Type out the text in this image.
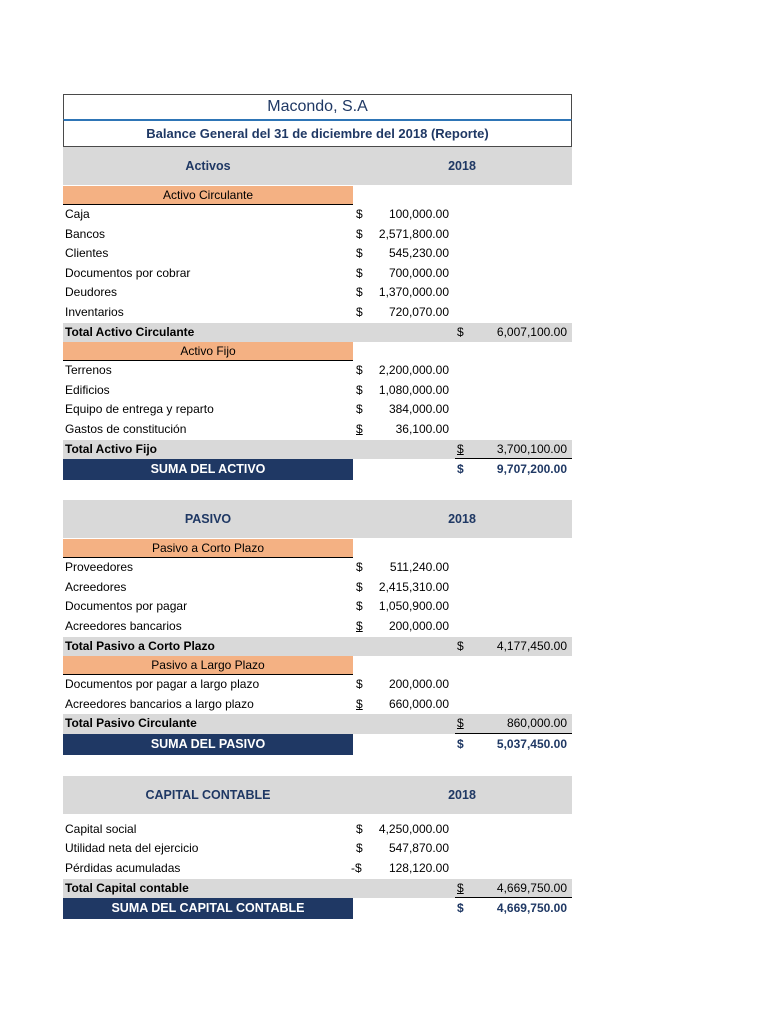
Macondo, S.A
Balance General del 31 de diciembre del 2018 (Reporte)
Activos	2018
Activo Circulante
Caja	$	100,000.00
Bancos	$	2,571,800.00
Clientes	$	545,230.00
Documentos por cobrar	$	700,000.00
Deudores	$	1,370,000.00
Inventarios	$	720,070.00
Total Activo Circulante	$	6,007,100.00
Activo Fijo
Terrenos	$	2,200,000.00
Edificios	$	1,080,000.00
Equipo de entrega y reparto	$	384,000.00
Gastos de constitución	$	36,100.00
Total Activo Fijo	$	3,700,100.00
SUMA DEL ACTIVO	$	9,707,200.00
PASIVO	2018
Pasivo a Corto Plazo
Proveedores	$	511,240.00
Acreedores	$	2,415,310.00
Documentos por pagar	$	1,050,900.00
Acreedores bancarios	$	200,000.00
Total Pasivo a Corto Plazo	$	4,177,450.00
Pasivo a Largo Plazo
Documentos por pagar a largo plazo	$	200,000.00
Acreedores bancarios a largo plazo	$	660,000.00
Total Pasivo Circulante	$	860,000.00
SUMA DEL PASIVO	$	5,037,450.00
CAPITAL CONTABLE	2018
Capital social	$	4,250,000.00
Utilidad neta del ejercicio	$	547,870.00
Pérdidas acumuladas	-$	128,120.00
Total Capital contable	$	4,669,750.00
SUMA DEL CAPITAL CONTABLE	$	4,669,750.00
